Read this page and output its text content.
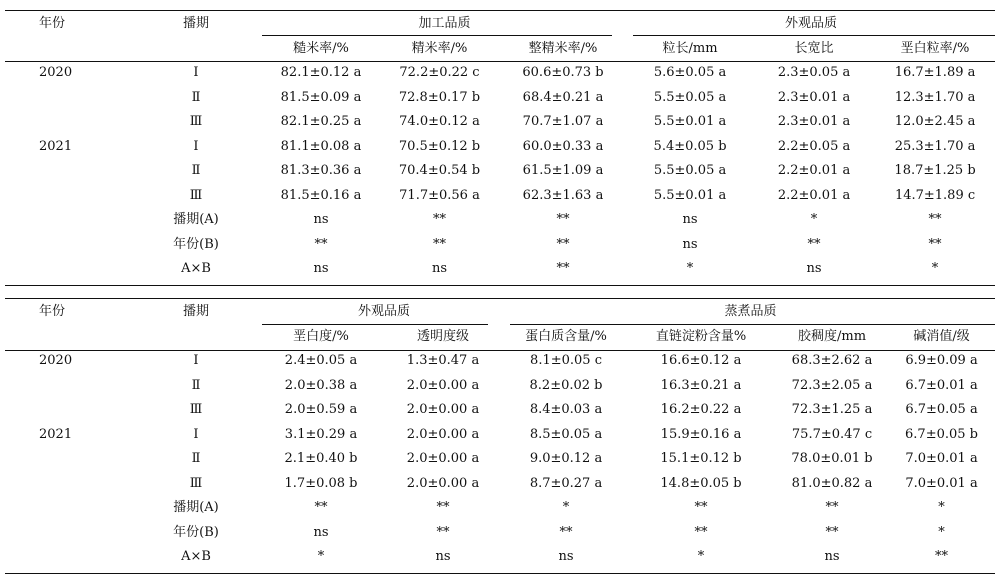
年份	播期	加工品质			外观品质		
		糙米率/%	精米率/%	整精米率/%	粒长/mm	长宽比	垩白粒率/%
2020	Ⅰ	82.1±0.12 a	72.2±0.22 c	60.6±0.73 b	5.6±0.05 a	2.3±0.05 a	16.7±1.89 a
	Ⅱ	81.5±0.09 a	72.8±0.17 b	68.4±0.21 a	5.5±0.05 a	2.3±0.01 a	12.3±1.70 a
	Ⅲ	82.1±0.25 a	74.0±0.12 a	70.7±1.07 a	5.5±0.01 a	2.3±0.01 a	12.0±2.45 a
2021	Ⅰ	81.1±0.08 a	70.5±0.12 b	60.0±0.33 a	5.4±0.05 b	2.2±0.05 a	25.3±1.70 a
	Ⅱ	81.3±0.36 a	70.4±0.54 b	61.5±1.09 a	5.5±0.05 a	2.2±0.01 a	18.7±1.25 b
	Ⅲ	81.5±0.16 a	71.7±0.56 a	62.3±1.63 a	5.5±0.01 a	2.2±0.01 a	14.7±1.89 c
	播期(A)	ns	**	**	ns	*	**
	年份(B)	**	**	**	ns	**	**
	A×B	ns	ns	**	*	ns	*
年份	播期	外观品质		蒸煮品质			
		垩白度/%	透明度级	蛋白质含量/%	直链淀粉含量%	胶稠度/mm	碱消值/级
2020	Ⅰ	2.4±0.05 a	1.3±0.47 a	8.1±0.05 c	16.6±0.12 a	68.3±2.62 a	6.9±0.09 a
	Ⅱ	2.0±0.38 a	2.0±0.00 a	8.2±0.02 b	16.3±0.21 a	72.3±2.05 a	6.7±0.01 a
	Ⅲ	2.0±0.59 a	2.0±0.00 a	8.4±0.03 a	16.2±0.22 a	72.3±1.25 a	6.7±0.05 a
2021	Ⅰ	3.1±0.29 a	2.0±0.00 a	8.5±0.05 a	15.9±0.16 a	75.7±0.47 c	6.7±0.05 b
	Ⅱ	2.1±0.40 b	2.0±0.00 a	9.0±0.12 a	15.1±0.12 b	78.0±0.01 b	7.0±0.01 a
	Ⅲ	1.7±0.08 b	2.0±0.00 a	8.7±0.27 a	14.8±0.05 b	81.0±0.82 a	7.0±0.01 a
	播期(A)	**	**	*	**	**	*
	年份(B)	ns	**	**	**	**	*
	A×B	*	ns	ns	*	ns	**
